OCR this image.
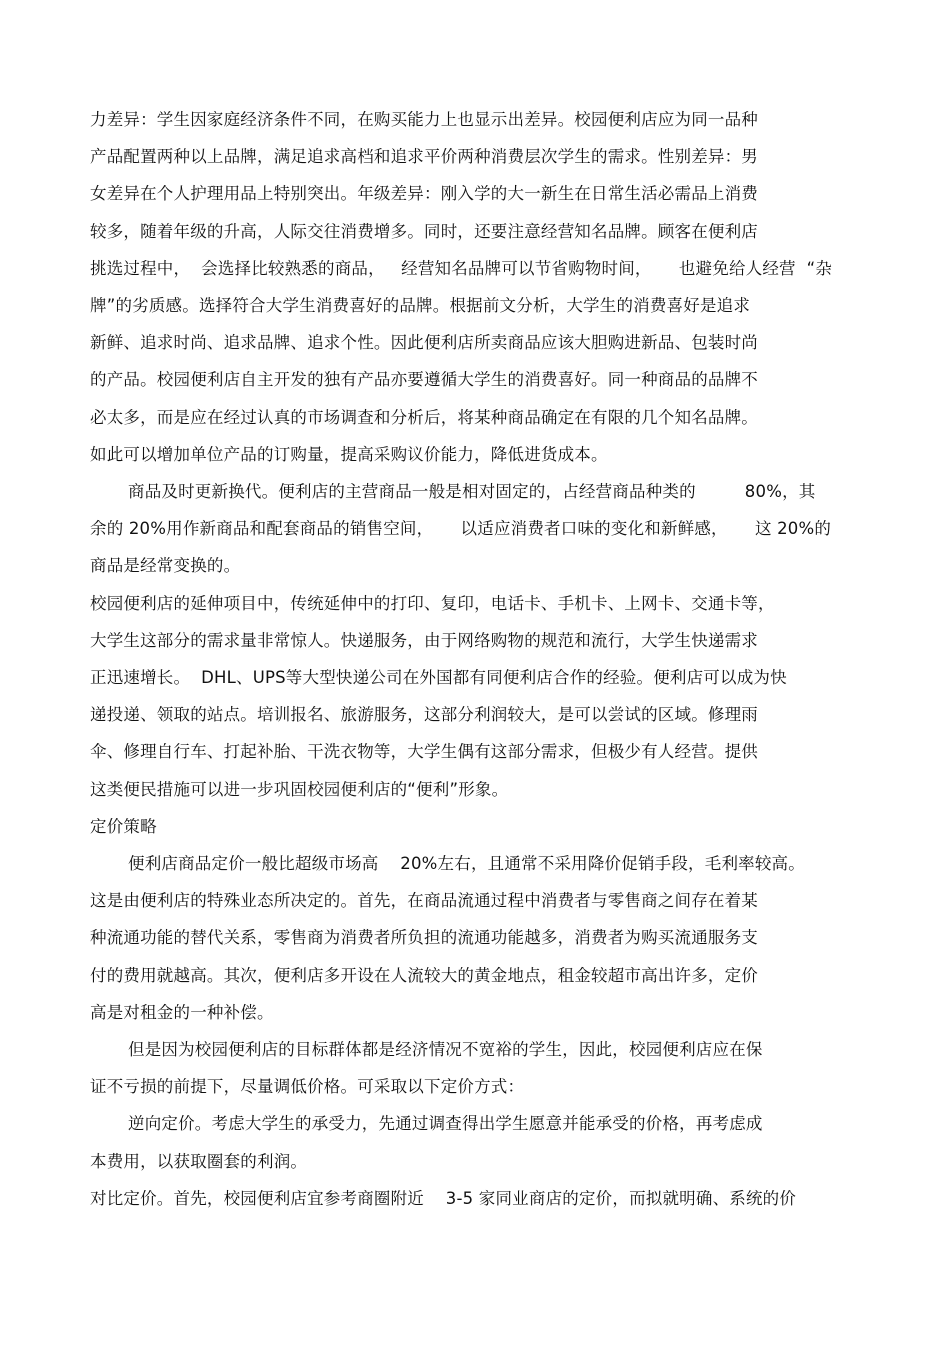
力差异：学生因家庭经济条件不同，在购买能力上也显示出差异。校园便利店应为同一品种
产品配置两种以上品牌，满足追求高档和追求平价两种消费层次学生的需求。性别差异：男
女差异在个人护理用品上特别突出。年级差异：刚入学的大一新生在日常生活必需品上消费
较多，随着年级的升高，人际交往消费增多。同时，还要注意经营知名品牌。顾客在便利店
挑选过程中，  会选择比较熟悉的商品，   经营知名品牌可以节省购物时间，     也避免给人经营  “杂
牌”的劣质感。选择符合大学生消费喜好的品牌。根据前文分析，大学生的消费喜好是追求
新鲜、追求时尚、追求品牌、追求个性。因此便利店所卖商品应该大胆购进新品、包装时尚
的产品。校园便利店自主开发的独有产品亦要遵循大学生的消费喜好。同一种商品的品牌不
必太多，而是应在经过认真的市场调查和分析后，将某种商品确定在有限的几个知名品牌。
如此可以增加单位产品的订购量，提高采购议价能力，降低进货成本。
商品及时更新换代。便利店的主营商品一般是相对固定的，占经营商品种类的         80%，其
余的 20%用作新商品和配套商品的销售空间，     以适应消费者口味的变化和新鲜感，     这 20%的
商品是经常变换的。
校园便利店的延伸项目中，传统延伸中的打印、复印，电话卡、手机卡、上网卡、交通卡等，
大学生这部分的需求量非常惊人。快递服务，由于网络购物的规范和流行，大学生快递需求
正迅速增长。  DHL、UPS等大型快递公司在外国都有同便利店合作的经验。便利店可以成为快
递投递、领取的站点。培训报名、旅游服务，这部分利润较大，是可以尝试的区域。修理雨
伞、修理自行车、打起补胎、干洗衣物等，大学生偶有这部分需求，但极少有人经营。提供
这类便民措施可以进一步巩固校园便利店的“便利”形象。
定价策略
便利店商品定价一般比超级市场高    20%左右，且通常不采用降价促销手段，毛利率较高。
这是由便利店的特殊业态所决定的。首先，在商品流通过程中消费者与零售商之间存在着某
种流通功能的替代关系，零售商为消费者所负担的流通功能越多，消费者为购买流通服务支
付的费用就越高。其次，便利店多开设在人流较大的黄金地点，租金较超市高出许多，定价
高是对租金的一种补偿。
但是因为校园便利店的目标群体都是经济情况不宽裕的学生，因此，校园便利店应在保
证不亏损的前提下，尽量调低价格。可采取以下定价方式：
逆向定价。考虑大学生的承受力，先通过调查得出学生愿意并能承受的价格，再考虑成
本费用，以获取圈套的利润。
对比定价。首先，校园便利店宜参考商圈附近    3-5 家同业商店的定价，而拟就明确、系统的价
